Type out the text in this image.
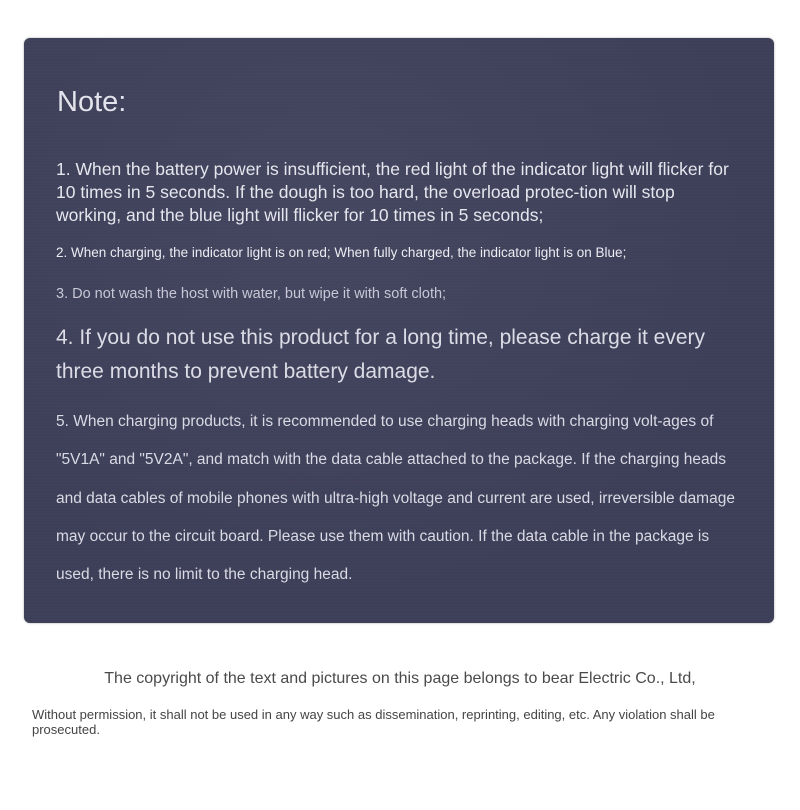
Note:

1. When the battery power is insufficient, the red light of the indicator light will flicker for 10 times in 5 seconds. If the dough is too hard, the overload protec-tion will stop working, and the blue light will flicker for 10 times in 5 seconds;

2. When charging, the indicator light is on red; When fully charged, the indicator light is on Blue;

3. Do not wash the host with water, but wipe it with soft cloth;

4. If you do not use this product for a long time, please charge it every three months to prevent battery damage.

5. When charging products, it is recommended to use charging heads with charging volt-ages of "5V1A" and "5V2A", and match with the data cable attached to the package. If the charging heads and data cables of mobile phones with ultra-high voltage and current are used, irreversible damage may occur to the circuit board. Please use them with caution. If the data cable in the package is used, there is no limit to the charging head.

The copyright of the text and pictures on this page belongs to bear Electric Co., Ltd,

Without permission, it shall not be used in any way such as dissemination, reprinting, editing, etc. Any violation shall be prosecuted.
